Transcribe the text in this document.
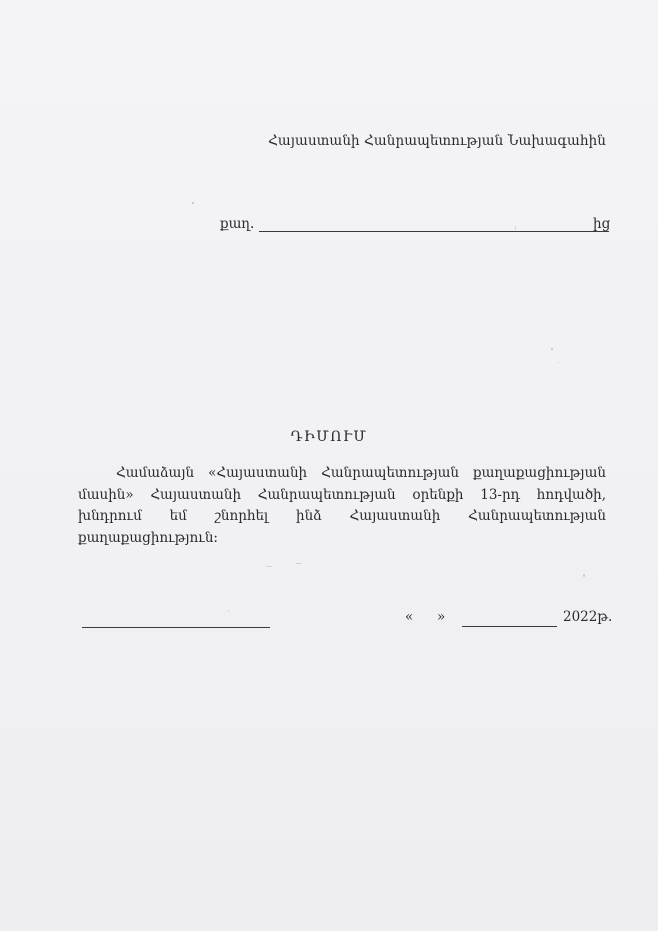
Հայաստանի Հանրապետության Նախագահին
քաղ.	ից
ԴԻՄՈՒՄ
Համաձայն «Հայաստանի Հանրապետության քաղաքացիության մասին» Հայաստանի Հանրապետության օրենքի 13-րդ հոդվածի, խնդրում եմ շնորհել ինձ Հայաստանի Հանրապետության քաղաքացիություն:
« »	2022թ.
